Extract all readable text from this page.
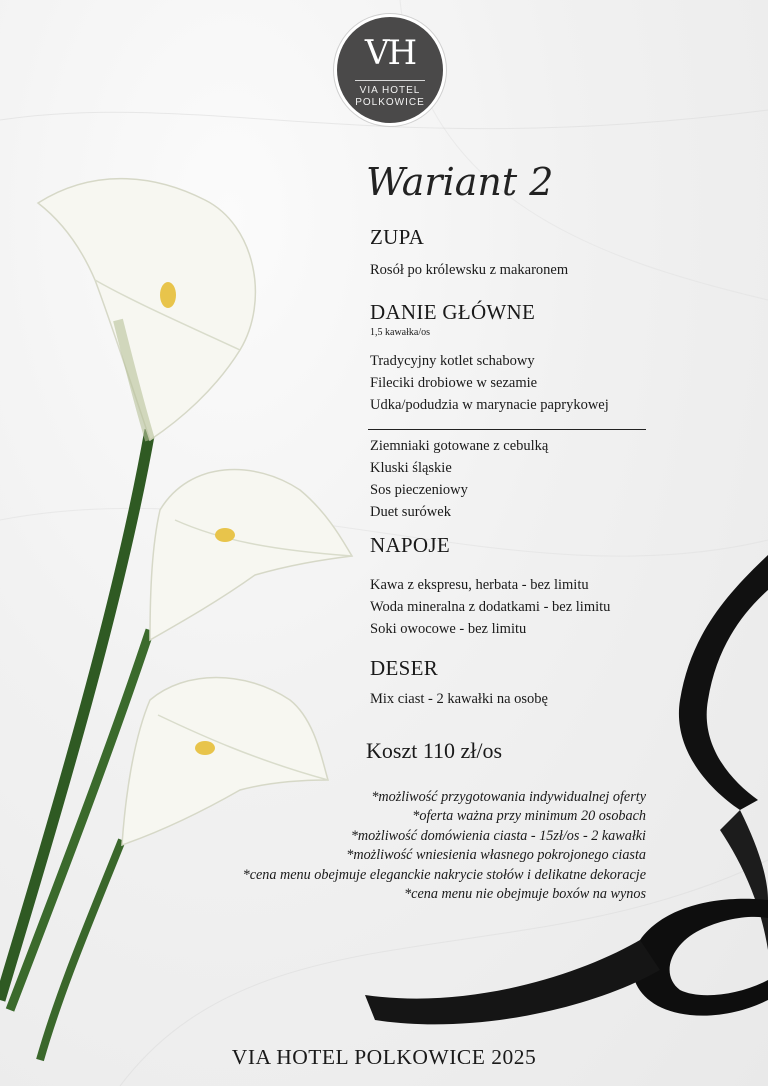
VH
VIA HOTEL
POLKOWICE
Wariant 2
ZUPA
Rosół po królewsku z makaronem
DANIE GŁÓWNE
1,5 kawałka/os
Tradycyjny kotlet schabowy
Fileciki drobiowe w sezamie
Udka/podudzia w marynacie paprykowej
Ziemniaki gotowane z cebulką
Kluski śląskie
Sos pieczeniowy
Duet surówek
NAPOJE
Kawa z ekspresu, herbata - bez limitu
Woda mineralna z dodatkami - bez limitu
Soki owocowe - bez limitu
DESER
Mix ciast - 2 kawałki na osobę
Koszt 110 zł/os
*możliwość przygotowania indywidualnej oferty
*oferta ważna przy minimum 20 osobach
*możliwość domówienia ciasta - 15zł/os - 2 kawałki
*możliwość wniesienia własnego pokrojonego ciasta
*cena menu obejmuje eleganckie nakrycie stołów i delikatne dekoracje
*cena menu nie obejmuje boxów na wynos
VIA HOTEL POLKOWICE 2025
